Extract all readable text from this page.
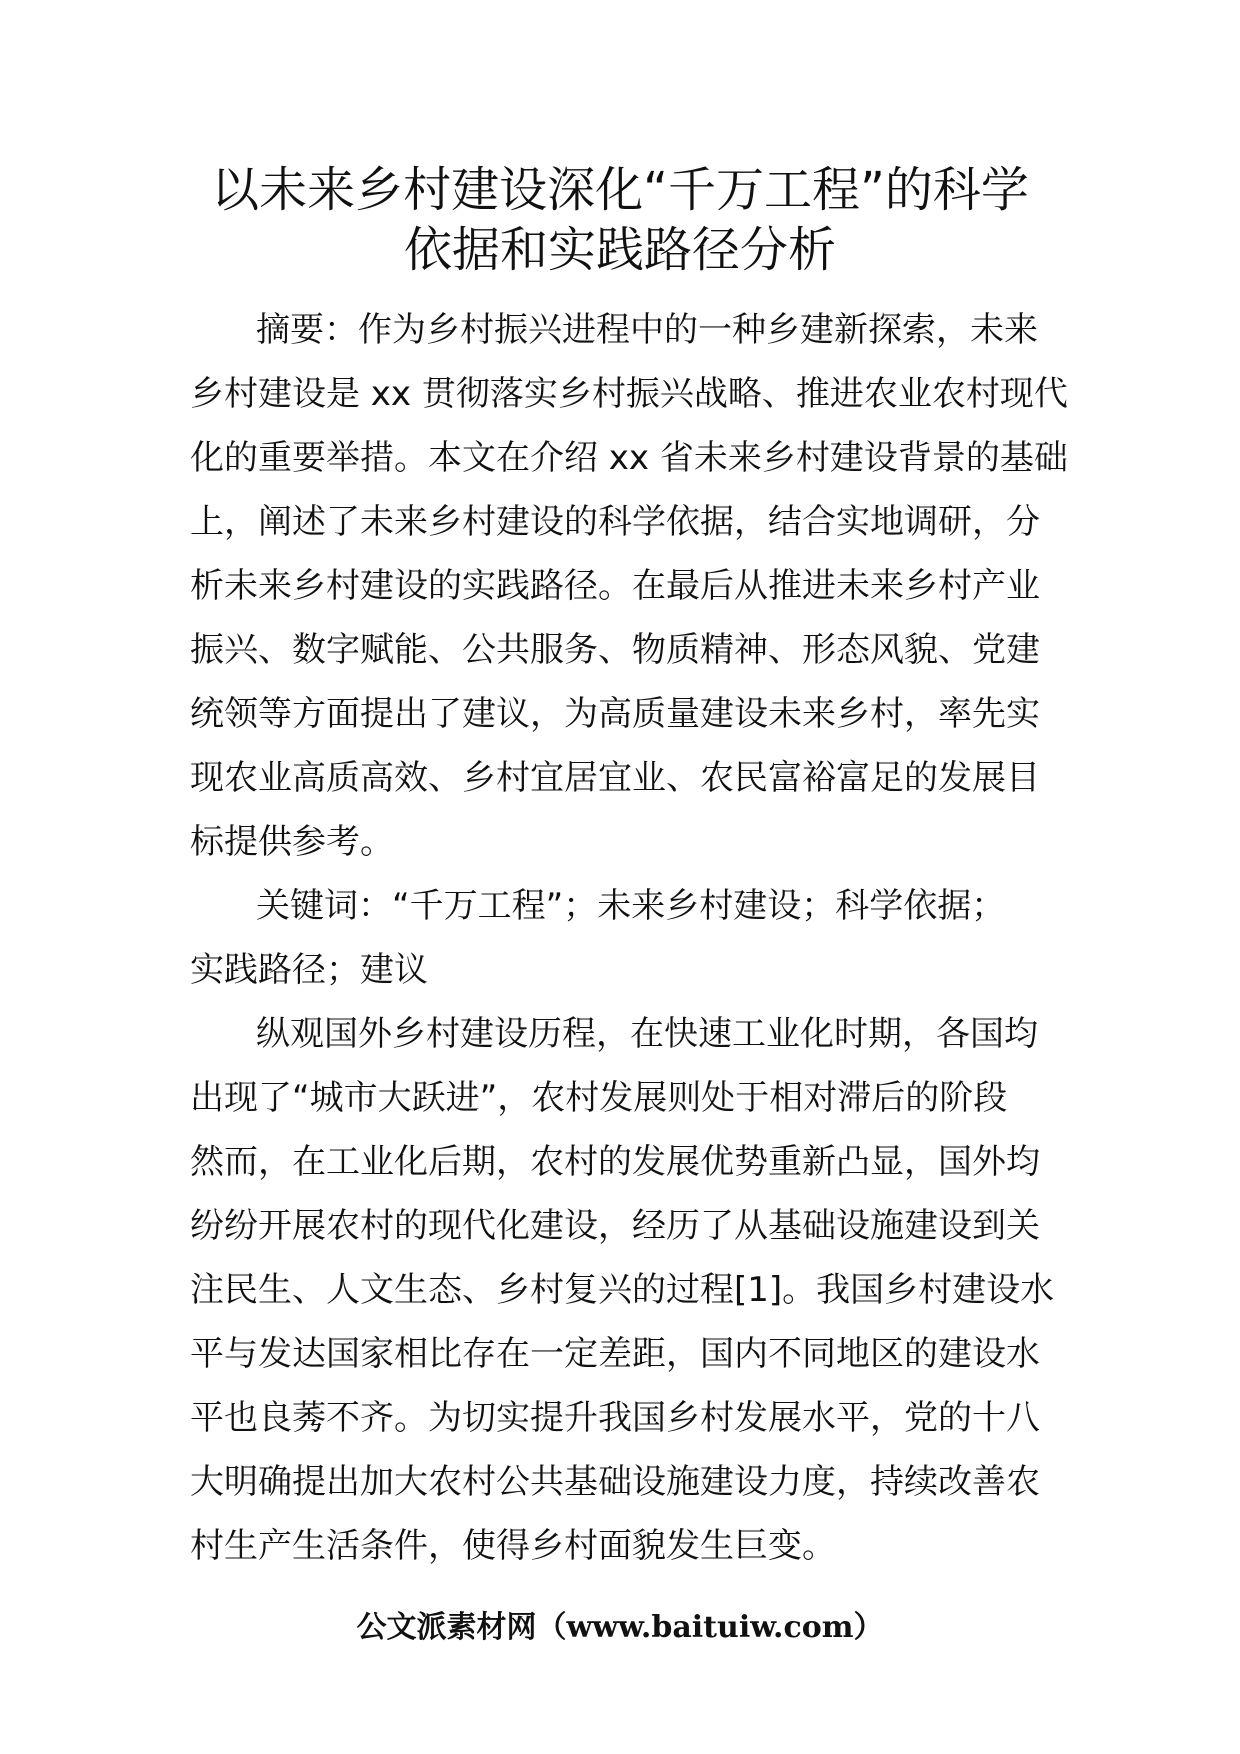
以未来乡村建设深化“千万工程”的科学
依据和实践路径分析
摘要：作为乡村振兴进程中的一种乡建新探索，未来
乡村建设是 xx 贯彻落实乡村振兴战略、推进农业农村现代
化的重要举措。本文在介绍 xx 省未来乡村建设背景的基础
上，阐述了未来乡村建设的科学依据，结合实地调研，分
析未来乡村建设的实践路径。在最后从推进未来乡村产业
振兴、数字赋能、公共服务、物质精神、形态风貌、党建
统领等方面提出了建议，为高质量建设未来乡村，率先实
现农业高质高效、乡村宜居宜业、农民富裕富足的发展目
标提供参考。
关键词：“千万工程”；未来乡村建设；科学依据；
实践路径；建议
纵观国外乡村建设历程，在快速工业化时期，各国均
出现了“城市大跃进”，农村发展则处于相对滞后的阶段
然而，在工业化后期，农村的发展优势重新凸显，国外均
纷纷开展农村的现代化建设，经历了从基础设施建设到关
注民生、人文生态、乡村复兴的过程[1]。我国乡村建设水
平与发达国家相比存在一定差距，国内不同地区的建设水
平也良莠不齐。为切实提升我国乡村发展水平，党的十八
大明确提出加大农村公共基础设施建设力度，持续改善农
村生产生活条件，使得乡村面貌发生巨变。
公文派素材网（www.baituiw.com）
